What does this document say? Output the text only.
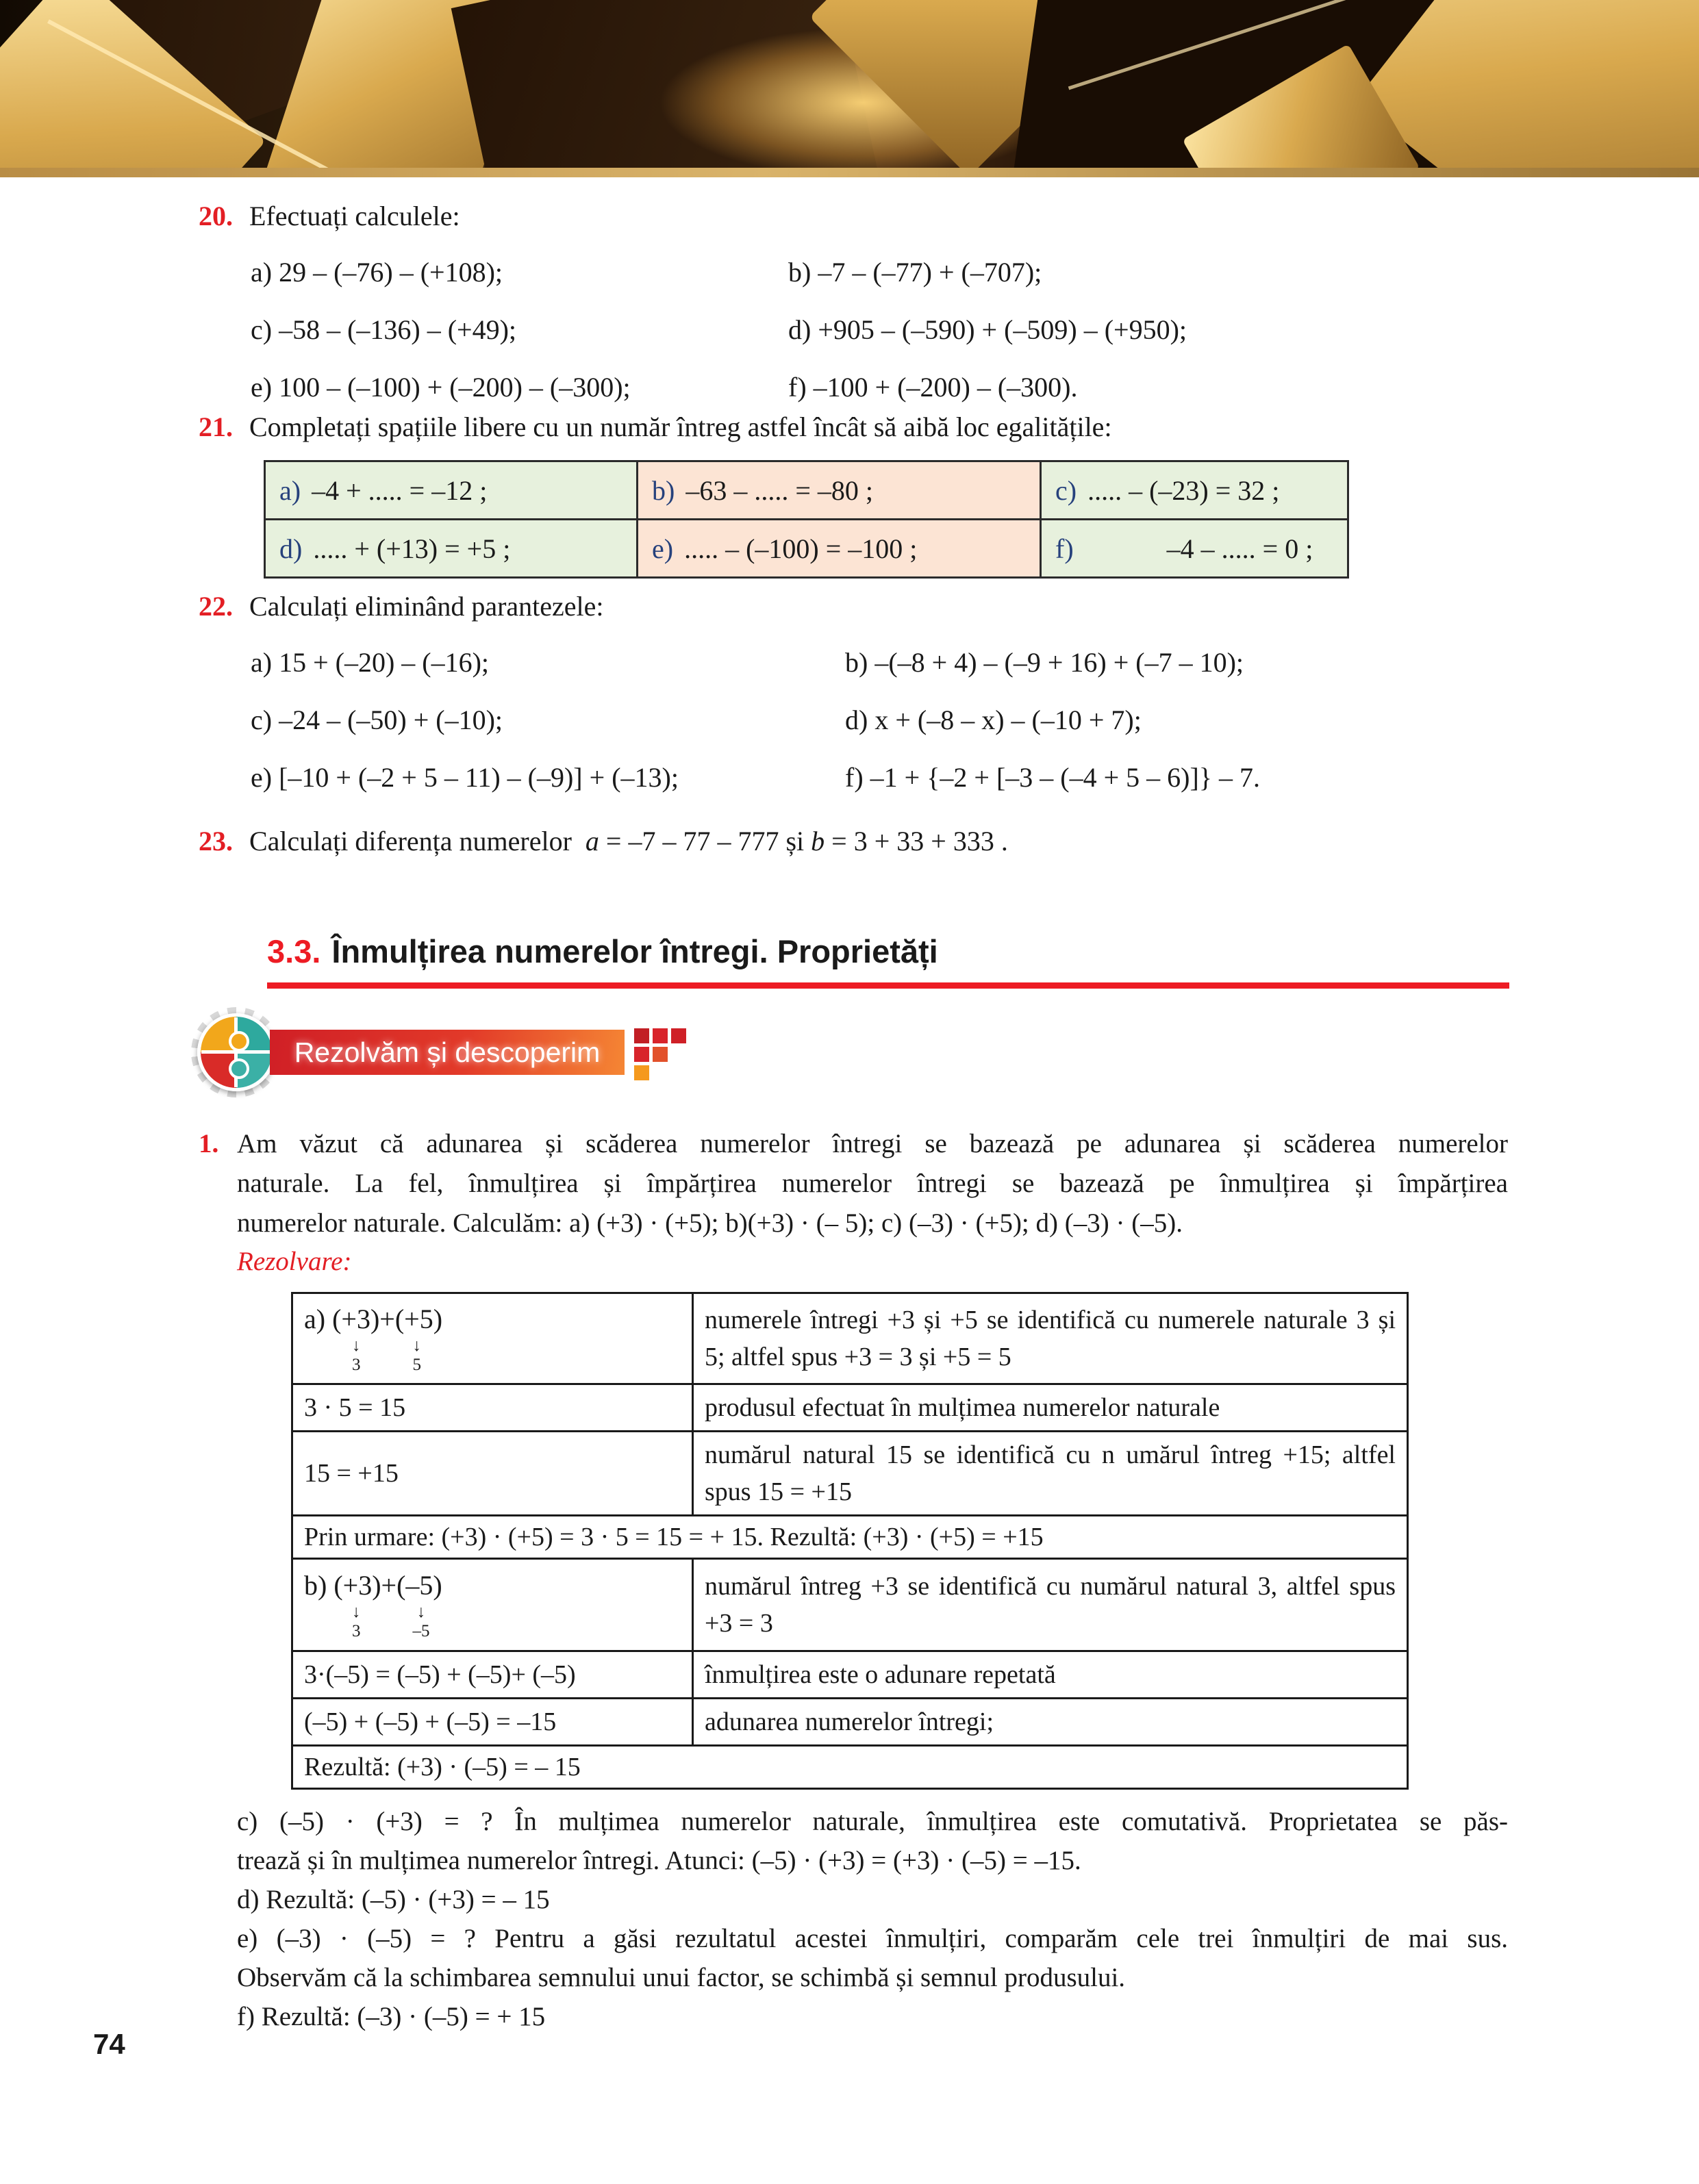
20. Efectuați calculele:
a) 29 – (–76) – (+108);	b) –7 – (–77) + (–707);
c) –58 – (–136) – (+49);	d) +905 – (–590) + (–509) – (+950);
e) 100 – (–100) + (–200) – (–300);	f) –100 + (–200) – (–300).
21. Completați spațiile libere cu un număr întreg astfel încât să aibă loc egalitățile:
a) –4 + ..... = –12 ;	b) –63 – ..... = –80 ;	c) ..... – (–23) = 32 ;
d) ..... + (+13) = +5 ;	e) ..... – (–100) = –100 ;	f) –4 – ..... = 0 ;
22. Calculați eliminând parantezele:
a) 15 + (–20) – (–16);	b) –(–8 + 4) – (–9 + 16) + (–7 – 10);
c) –24 – (–50) + (–10);	d) x + (–8 – x) – (–10 + 7);
e) [–10 + (–2 + 5 – 11) – (–9)] + (–13);	f) –1 + {–2 + [–3 – (–4 + 5 – 6)]} – 7.
23. Calculați diferența numerelor a = –7 – 77 – 777 și b = 3 + 33 + 333 .
3.3. Înmulțirea numerelor întregi. Proprietăți
Rezolvăm și descoperim
1. Am văzut că adunarea și scăderea numerelor întregi se bazează pe adunarea și scăderea numerelor
naturale. La fel, înmulțirea și împărțirea numerelor întregi se bazează pe înmulțirea și împărțirea
numerelor naturale. Calculăm: a) (+3) · (+5); b)(+3) · (– 5); c) (–3) · (+5); d) (–3) · (–5).
Rezolvare:
a) (+3)+(+5)
↓
3
↓
5	numerele întregi +3 și +5 se identifică cu numerele naturale 3 și 5; altfel spus +3 = 3 și +5 = 5
3 · 5 = 15	produsul efectuat în mulțimea numerelor naturale
15 = +15	numărul natural 15 se identifică cu n umărul întreg +15; altfel spus 15 = +15
Prin urmare: (+3) · (+5) = 3 · 5 = 15 = + 15. Rezultă: (+3) · (+5) = +15	

b) (+3)+(–5)
↓
3
↓
–5	numărul întreg +3 se identifică cu numărul natural 3, altfel spus +3 = 3
3·(–5) = (–5) + (–5)+ (–5)	înmulțirea este o adunare repetată
(–5) + (–5) + (–5) = –15	adunarea numerelor întregi;
Rezultă: (+3) · (–5) = – 15	
c) (–5) · (+3) = ? În mulțimea numerelor naturale, înmulțirea este comutativă. Proprietatea se păs-
trează și în mulțimea numerelor întregi. Atunci: (–5) · (+3) = (+3) · (–5) = –15.
d) Rezultă: (–5) · (+3) = – 15
e) (–3) · (–5) = ? Pentru a găsi rezultatul acestei înmulțiri, comparăm cele trei înmulțiri de mai sus.
Observăm că la schimbarea semnului unui factor, se schimbă și semnul produsului.
f) Rezultă: (–3) · (–5) = + 15
74
